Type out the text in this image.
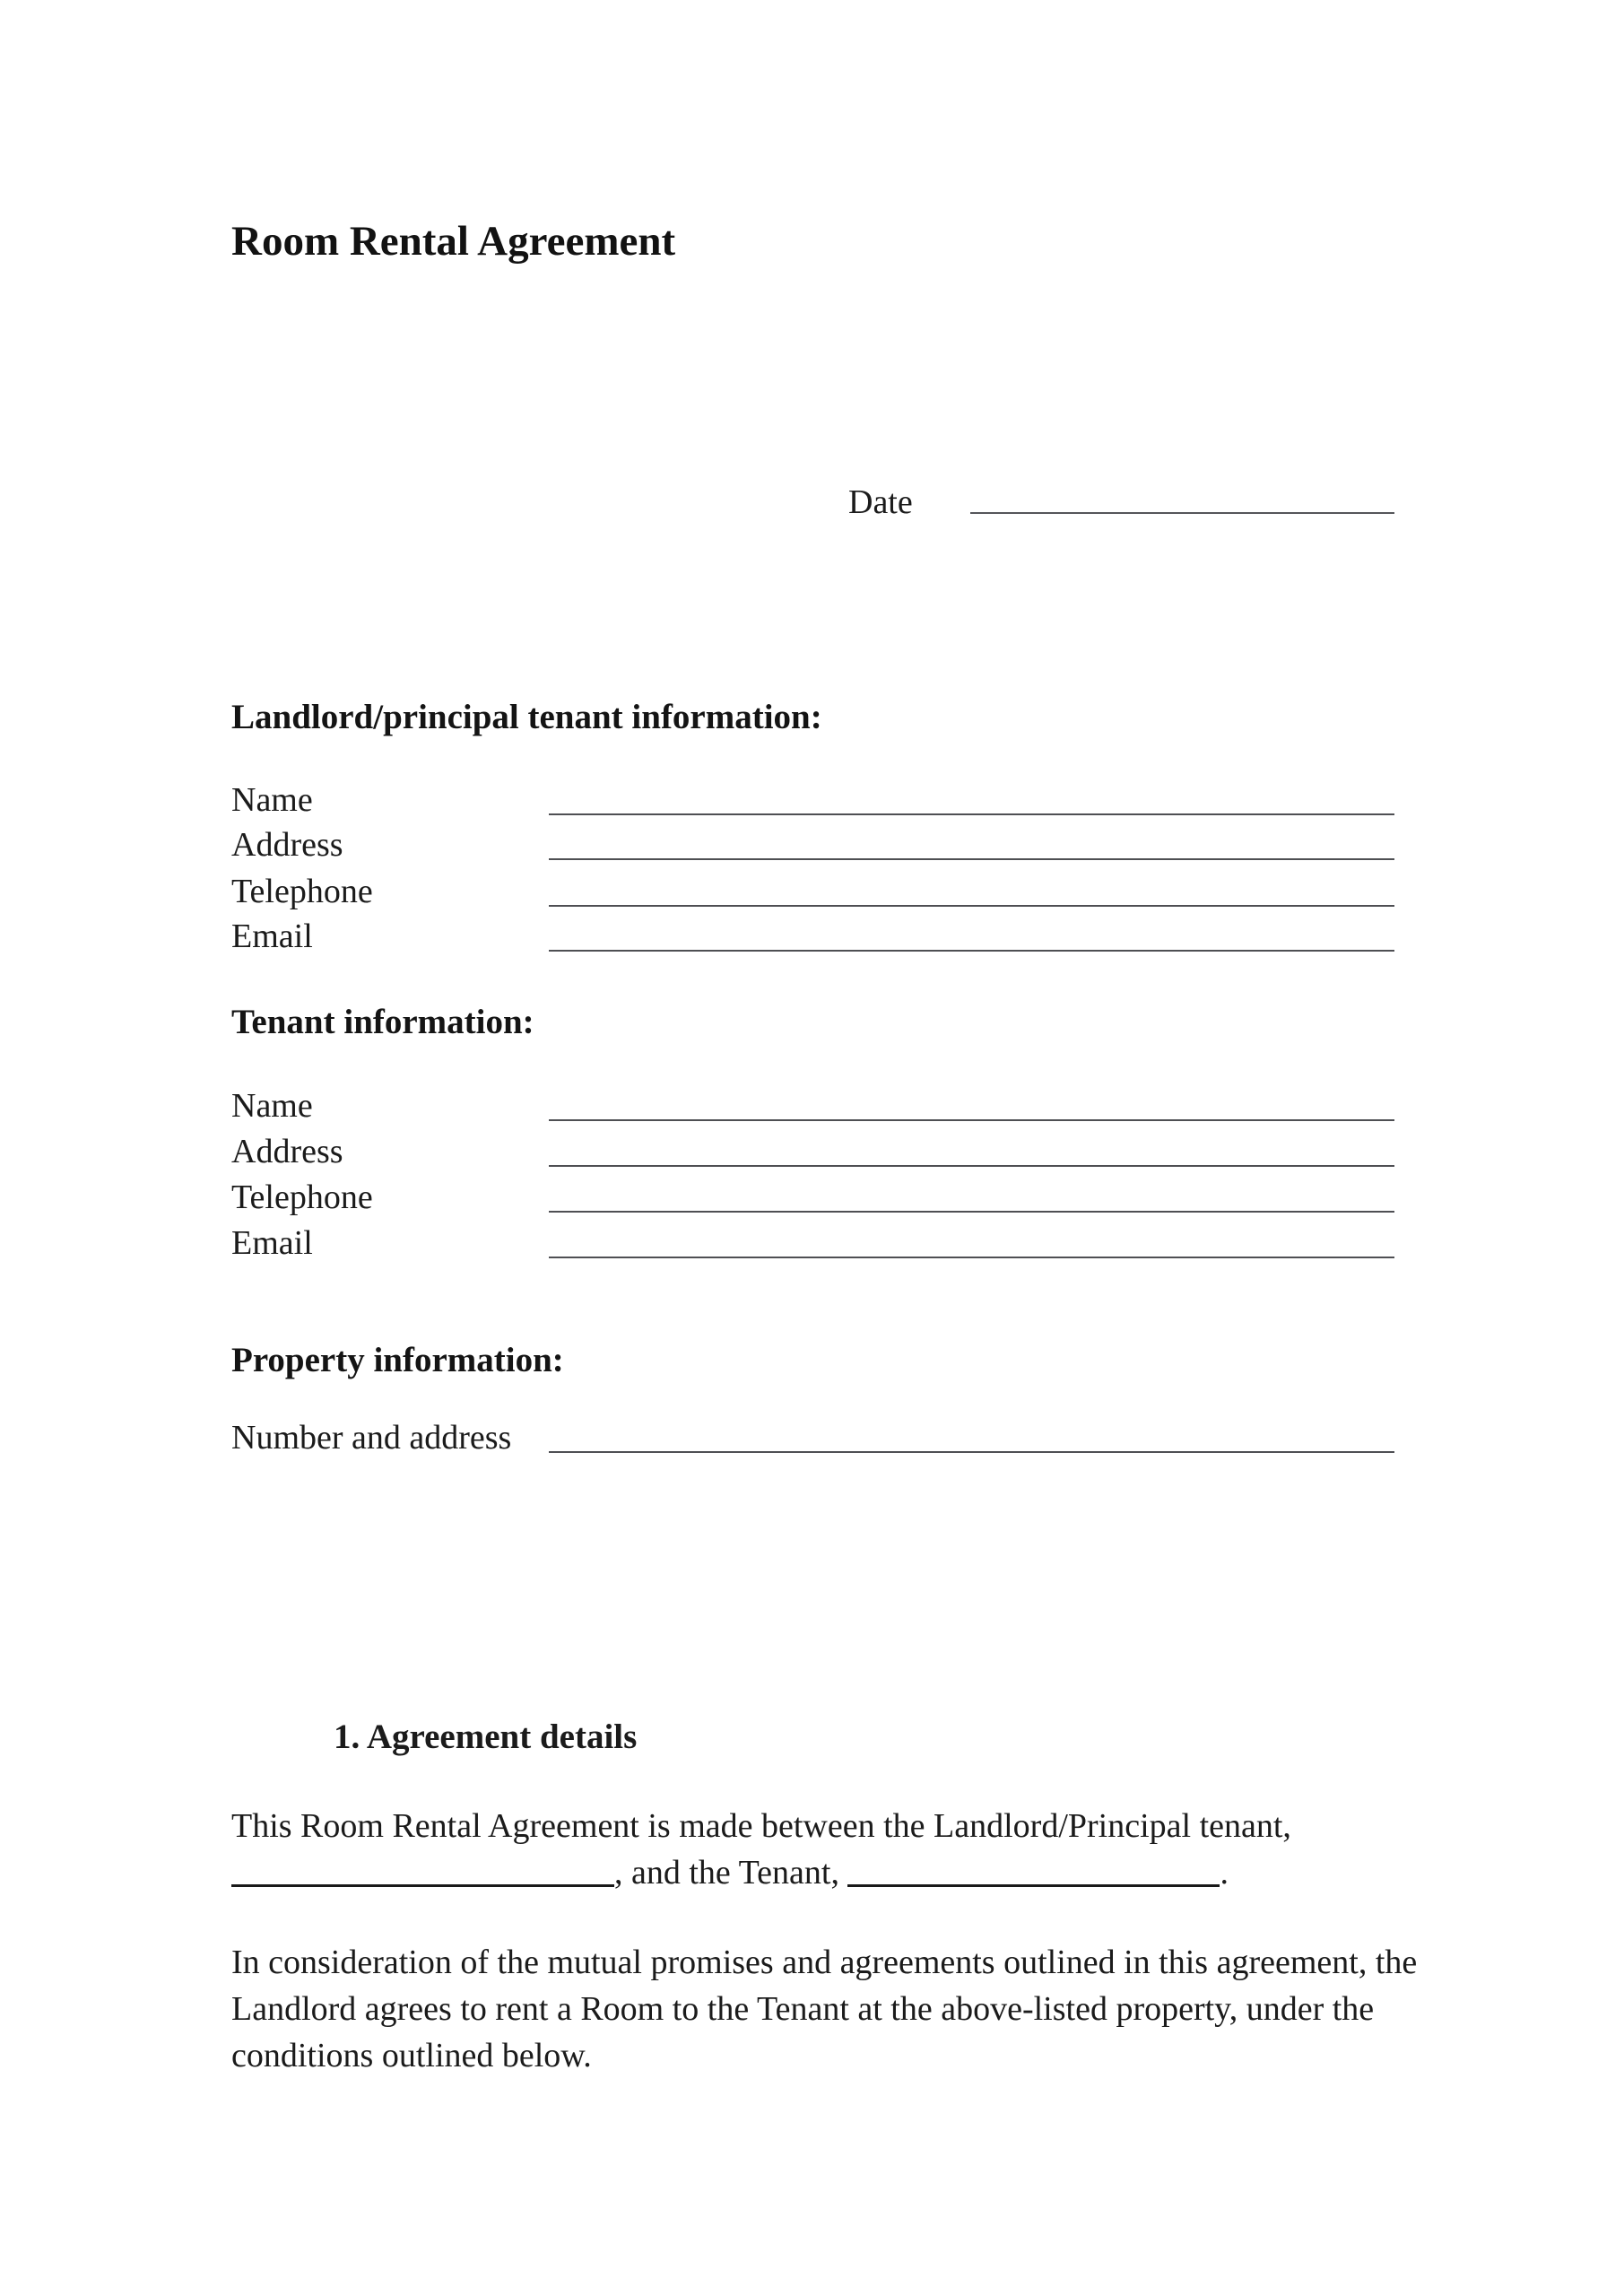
Room Rental Agreement
Date
Landlord/principal tenant information:
Name
Address
Telephone
Email
Tenant information:
Name
Address
Telephone
Email
Property information:
Number and address
1. Agreement details
This Room Rental Agreement is made between the Landlord/Principal tenant,
, and the Tenant,	.
In consideration of the mutual promises and agreements outlined in this agreement, the
Landlord agrees to rent a Room to the Tenant at the above-listed property, under the
conditions outlined below.
